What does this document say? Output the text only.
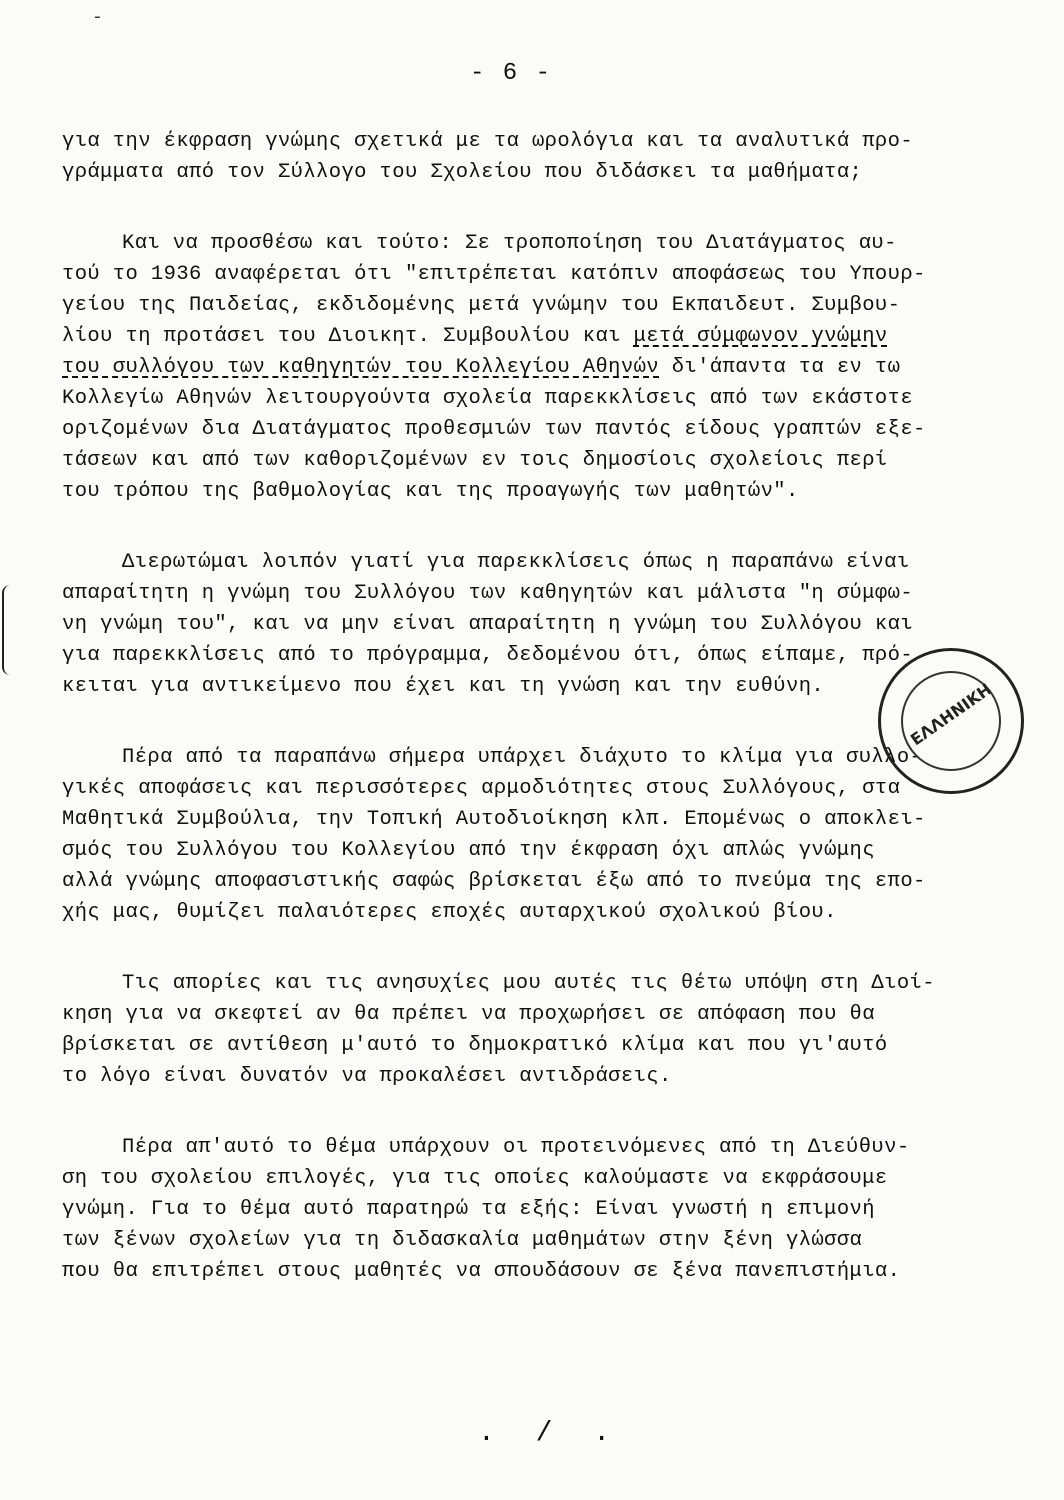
-
- 6 -
για την έκφραση γνώμης σχετικά με τα ωρολόγια και τα αναλυτικά προ-
γράμματα από τον Σύλλογο του Σχολείου που διδάσκει τα μαθήματα;
Και να προσθέσω και τούτο: Σε τροποποίηση του Διατάγματος αυ-
τού το 1936 αναφέρεται ότι "επιτρέπεται κατόπιν αποφάσεως του Υπουρ-
γείου της Παιδείας, εκδιδομένης μετά γνώμην του Εκπαιδευτ. Συμβου-
λίου τη προτάσει του Διοικητ. Συμβουλίου και μετά σύμφωνον γνώμην
του συλλόγου των καθηγητών του Κολλεγίου Αθηνών δι'άπαντα τα εν τω
Κολλεγίω Αθηνών λειτουργούντα σχολεία παρεκκλίσεις από των εκάστοτε
οριζομένων δια Διατάγματος προθεσμιών των παντός είδους γραπτών εξε-
τάσεων και από των καθοριζομένων εν τοις δημοσίοις σχολείοις περί
του τρόπου της βαθμολογίας και της προαγωγής των μαθητών".
Διερωτώμαι λοιπόν γιατί για παρεκκλίσεις όπως η παραπάνω είναι
απαραίτητη η γνώμη του Συλλόγου των καθηγητών και μάλιστα "η σύμφω-
νη γνώμη του", και να μην είναι απαραίτητη η γνώμη του Συλλόγου και
για παρεκκλίσεις από το πρόγραμμα, δεδομένου ότι, όπως είπαμε, πρό-
κειται για αντικείμενο που έχει και τη γνώση και την ευθύνη.
Πέρα από τα παραπάνω σήμερα υπάρχει διάχυτο το κλίμα για συλλο-
γικές αποφάσεις και περισσότερες αρμοδιότητες στους Συλλόγους, στα
Μαθητικά Συμβούλια, την Τοπική Αυτοδιοίκηση κλπ. Επομένως ο αποκλει-
σμός του Συλλόγου του Κολλεγίου από την έκφραση όχι απλώς γνώμης
αλλά γνώμης αποφασιστικής σαφώς βρίσκεται έξω από το πνεύμα της επο-
χής μας, θυμίζει παλαιότερες εποχές αυταρχικού σχολικού βίου.
Τις απορίες και τις ανησυχίες μου αυτές τις θέτω υπόψη στη Διοί-
κηση για να σκεφτεί αν θα πρέπει να προχωρήσει σε απόφαση που θα
βρίσκεται σε αντίθεση μ'αυτό το δημοκρατικό κλίμα και που γι'αυτό
το λόγο είναι δυνατόν να προκαλέσει αντιδράσεις.
Πέρα απ'αυτό το θέμα υπάρχουν οι προτεινόμενες από τη Διεύθυν-
ση του σχολείου επιλογές, για τις οποίες καλούμαστε να εκφράσουμε
γνώμη. Για το θέμα αυτό παρατηρώ τα εξής: Είναι γνωστή η επιμονή
των ξένων σχολείων για τη διδασκαλία μαθημάτων στην ξένη γλώσσα
που θα επιτρέπει στους μαθητές να σπουδάσουν σε ξένα πανεπιστήμια.
ΕΛΛΗΝΙΚΗ
. / .
